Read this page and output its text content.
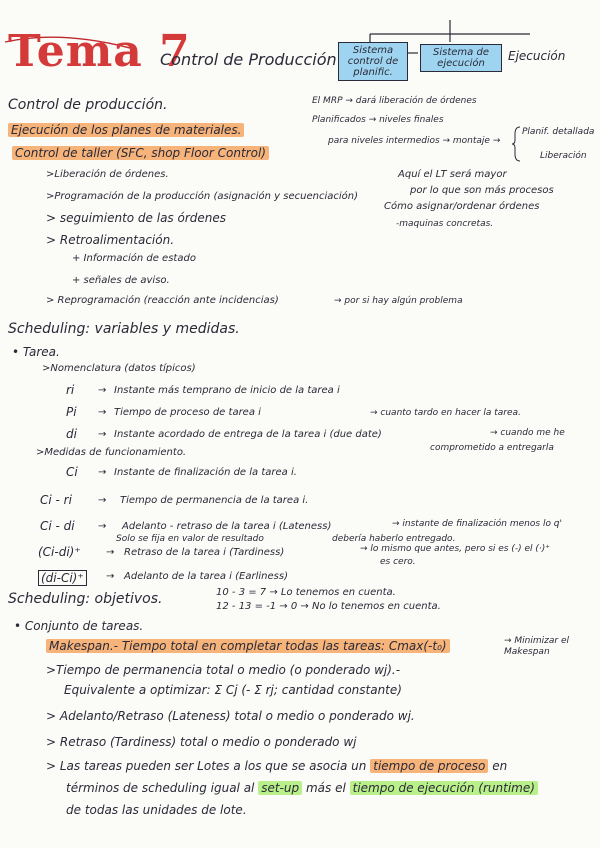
Tema 7
Control de Producción	Sistema control de planific.
Sistema de ejecución
Ejecución
Control de producción.	El MRP → dará liberación de órdenes
Planificados → niveles finales
para niveles intermedios → montaje →
Planif. detallada
Liberación
Ejecución de los planes de materiales.
Control de taller (SFC, shop Floor Control)
>Liberación de órdenes.	Aquí el LT será mayor
por lo que son más procesos
>Programación de la producción (asignación y secuenciación)
Cómo asignar/ordenar órdenes
-maquinas concretas.
> seguimiento de las órdenes
> Retroalimentación.
+ Información de estado
+ señales de aviso.
> Reprogramación (reacción ante incidencias)	→ por si hay algún problema
Scheduling: variables y medidas.
• Tarea.
>Nomenclatura (datos típicos)
ri → Instante más temprano de inicio de la tarea i
Pi → Tiempo de proceso de tarea i	→ cuanto tardo en hacer la tarea.
di → Instante acordado de entrega de la tarea i (due date)	→ cuando me he
comprometido a entregarla
>Medidas de funcionamiento.
Ci → Instante de finalización de la tarea i.
Ci - ri	→ Tiempo de permanencia de la tarea i.
Ci - di → Adelanto - retraso de la tarea i (Lateness)	→ instante de finalización menos lo q'
Solo se fija en valor de resultado	debería haberlo entregado.
(Ci-di)⁺	→ Retraso de la tarea i (Tardiness)	→ lo mismo que antes, pero si es (-) el (·)⁺
es cero.
(di-Ci)⁺	→ Adelanto de la tarea i (Earliness)
10 - 3 = 7 → Lo tenemos en cuenta.
12 - 13 = -1 → 0 → No lo tenemos en cuenta.
Scheduling: objetivos.
• Conjunto de tareas.
Makespan.- Tiempo total en completar todas las tareas: Cmax(-t₀)	→ Minimizar el Makespan
>Tiempo de permanencia total o medio (o ponderado wj).-
Equivalente a optimizar: Σ Cj (- Σ rj; cantidad constante)
> Adelanto/Retraso (Lateness) total o medio o ponderado wj.
> Retraso (Tardiness) total o medio o ponderado wj
> Las tareas pueden ser Lotes a los que se asocia un tiempo de proceso en
términos de scheduling igual al set-up más el tiempo de ejecución (runtime)
de todas las unidades de lote.
